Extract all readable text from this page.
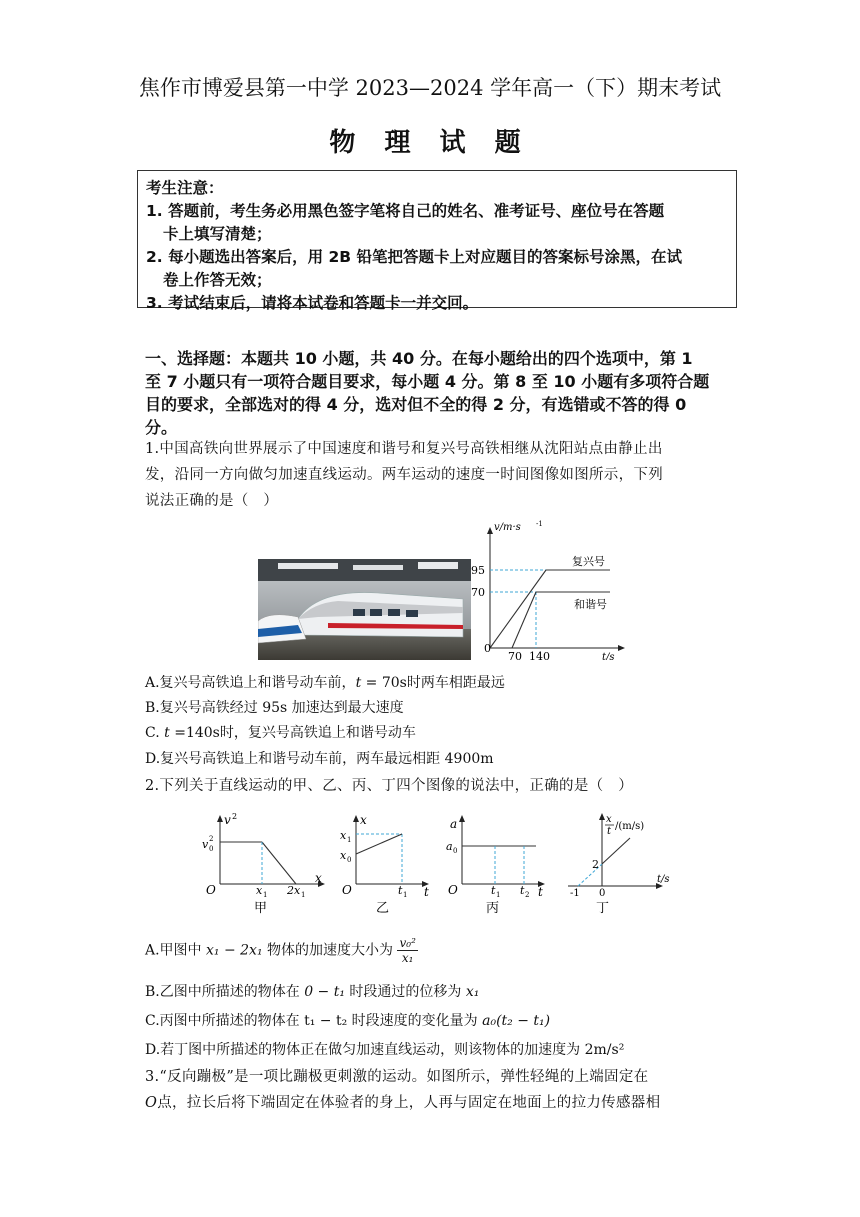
焦作市博爱县第一中学 2023—2024 学年高一（下）期末考试
物 理 试 题
考生注意：
1. 答题前，考生务必用黑色签字笔将自己的姓名、准考证号、座位号在答题
卡上填写清楚；
2. 每小题选出答案后，用 2B 铅笔把答题卡上对应题目的答案标号涂黑，在试
卷上作答无效；
3. 考试结束后，请将本试卷和答题卡一并交回。
一、选择题：本题共 10 小题，共 40 分。在每小题给出的四个选项中，第 1
至 7 小题只有一项符合题目要求，每小题 4 分。第 8 至 10 小题有多项符合题
目的要求，全部选对的得 4 分，选对但不全的得 2 分，有选错或不答的得 0
分。
1.中国高铁向世界展示了中国速度和谐号和复兴号高铁相继从沈阳站点由静止出
发，沿同一方向做匀加速直线运动。两车运动的速度一时间图像如图所示，下列
说法正确的是（　）
v/m·s -1
t/s
0
95
70
70 140
复兴号
和谐号
A.复兴号高铁追上和谐号动车前，t = 70s时两车相距最远
B.复兴号高铁经过 95s 加速达到最大速度
C. t =140s时，复兴号高铁追上和谐号动车
D.复兴号高铁追上和谐号动车前，两车最远相距 4900m
2.下列关于直线运动的甲、乙、丙、丁四个图像的说法中，正确的是（　）
v 2
v 0
2
O	x 1 2x 1
x
甲
x
x 1
x 0
O	t 1 t
乙
a
a 0
O	t 1 t 2 t
丙
x
t /(m/s)
2
-1 0
t/s
丁
A.甲图中 x₁ − 2x₁ 物体的加速度大小为 $\frac{\text{v₀²}}{\text{x₁}}$
B.乙图中所描述的物体在 0 − t₁ 时段通过的位移为 x₁
C.丙图中所描述的物体在 t₁ − t₂ 时段速度的变化量为 a₀(t₂ − t₁)
D.若丁图中所描述的物体正在做匀加速直线运动，则该物体的加速度为 2m/s²
3.“反向蹦极”是一项比蹦极更刺激的运动。如图所示，弹性轻绳的上端固定在
O点，拉长后将下端固定在体验者的身上，人再与固定在地面上的拉力传感器相
